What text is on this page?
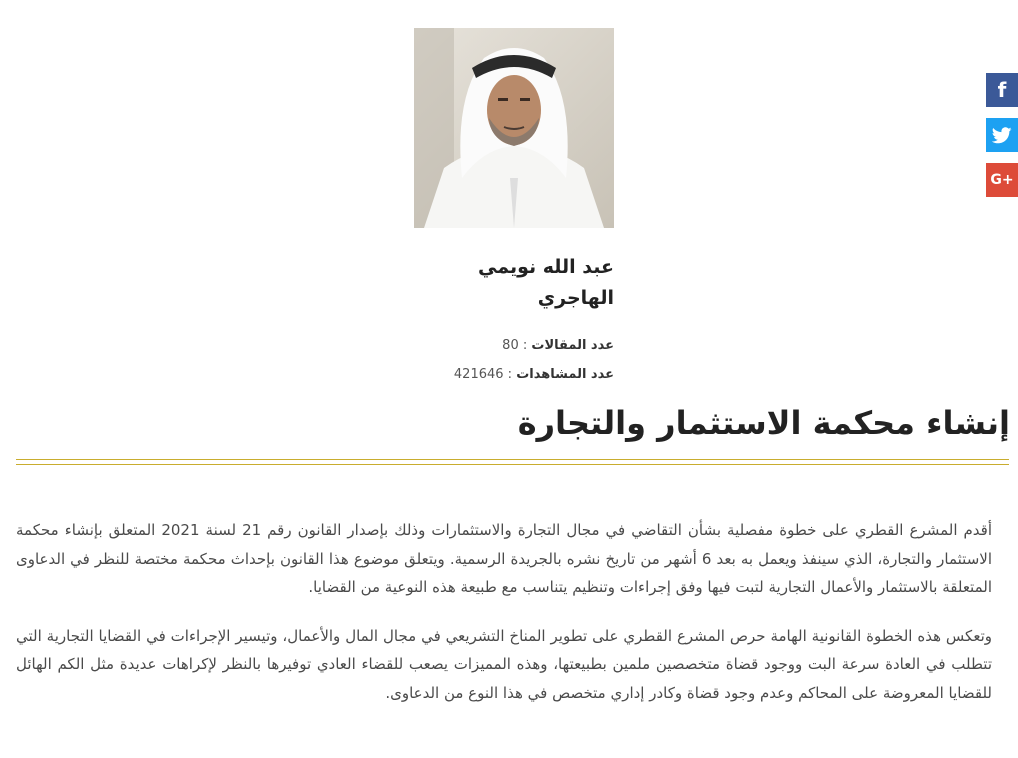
عبد الله نويمي
الهاجري
عدد المقالات : 80
عدد المشاهدات : 421646
f
G+
إنشاء محكمة الاستثمار والتجارة

أقدم المشرع القطري على خطوة مفصلية بشأن التقاضي في مجال التجارة والاستثمارات وذلك بإصدار القانون رقم 21 لسنة 2021 المتعلق بإنشاء محكمة الاستثمار والتجارة، الذي سينفذ ويعمل به بعد 6 أشهر من تاريخ نشره بالجريدة الرسمية. ويتعلق موضوع هذا القانون بإحداث محكمة مختصة للنظر في الدعاوى المتعلقة بالاستثمار والأعمال التجارية لتبت فيها وفق إجراءات وتنظيم يتناسب مع طبيعة هذه النوعية من القضايا.

وتعكس هذه الخطوة القانونية الهامة حرص المشرع القطري على تطوير المناخ التشريعي في مجال المال والأعمال، وتيسير الإجراءات في القضايا التجارية التي تتطلب في العادة سرعة البت ووجود قضاة متخصصين ملمين بطبيعتها، وهذه المميزات يصعب للقضاء العادي توفيرها بالنظر لإكراهات عديدة مثل الكم الهائل للقضايا المعروضة على المحاكم وعدم وجود قضاة وكادر إداري متخصص في هذا النوع من الدعاوى.
